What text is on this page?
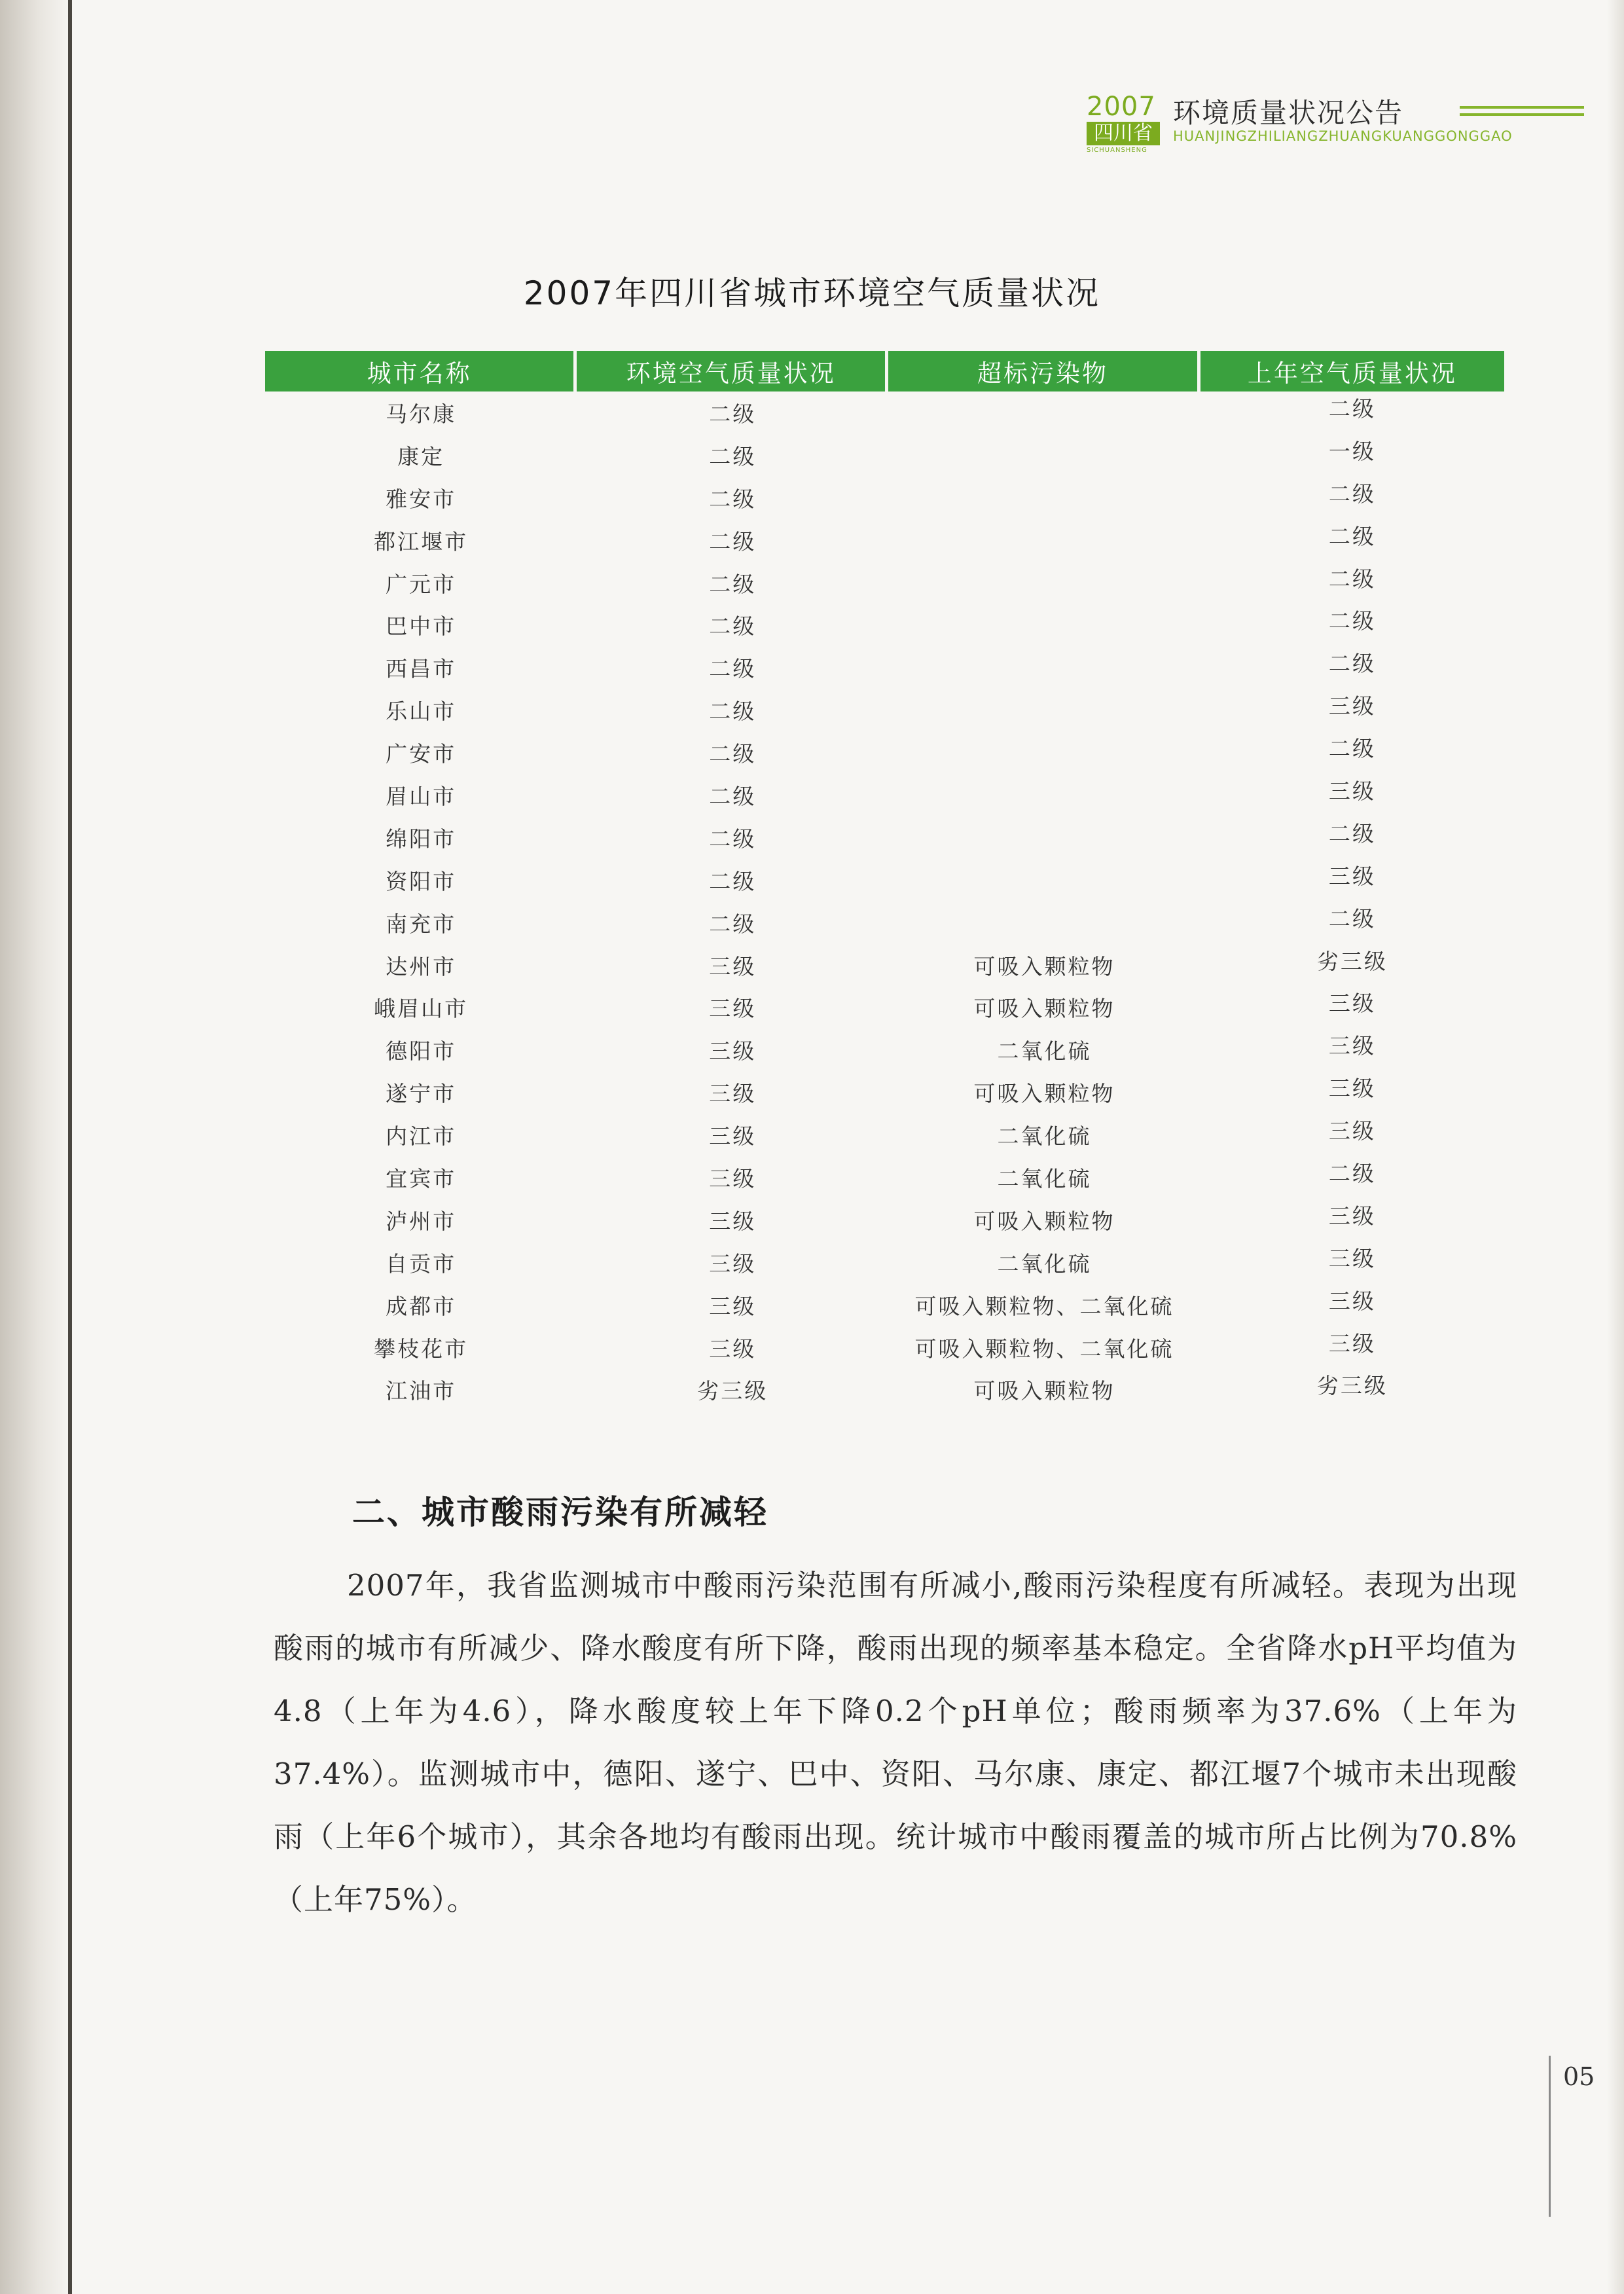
2007
四川省
SICHUANSHENG
环境质量状况公告
HUANJINGZHILIANGZHUANGKUANGGONGGAO
2007年四川省城市环境空气质量状况
城市名称	环境空气质量状况	超标污染物	上年空气质量状况
马尔康	二级		二级
康定	二级		一级
雅安市	二级		二级
都江堰市	二级		二级
广元市	二级		二级
巴中市	二级		二级
西昌市	二级		二级
乐山市	二级		三级
广安市	二级		二级
眉山市	二级		三级
绵阳市	二级		二级
资阳市	二级		三级
南充市	二级		二级
达州市	三级	可吸入颗粒物	劣三级
峨眉山市	三级	可吸入颗粒物	三级
德阳市	三级	二氧化硫	三级
遂宁市	三级	可吸入颗粒物	三级
内江市	三级	二氧化硫	三级
宜宾市	三级	二氧化硫	二级
泸州市	三级	可吸入颗粒物	三级
自贡市	三级	二氧化硫	三级
成都市	三级	可吸入颗粒物、二氧化硫	三级
攀枝花市	三级	可吸入颗粒物、二氧化硫	三级
江油市	劣三级	可吸入颗粒物	劣三级
二、城市酸雨污染有所减轻
2007年，我省监测城市中酸雨污染范围有所减小,酸雨污染程度有所减轻。表现为出现酸雨的城市有所减少、降水酸度有所下降，酸雨出现的频率基本稳定。全省降水pH平均值为4.8（上年为4.6），降水酸度较上年下降0.2个pH单位；酸雨频率为37.6%（上年为37.4%）。监测城市中，德阳、遂宁、巴中、资阳、马尔康、康定、都江堰7个城市未出现酸雨（上年6个城市），其余各地均有酸雨出现。统计城市中酸雨覆盖的城市所占比例为70.8%（上年75%）。
05
